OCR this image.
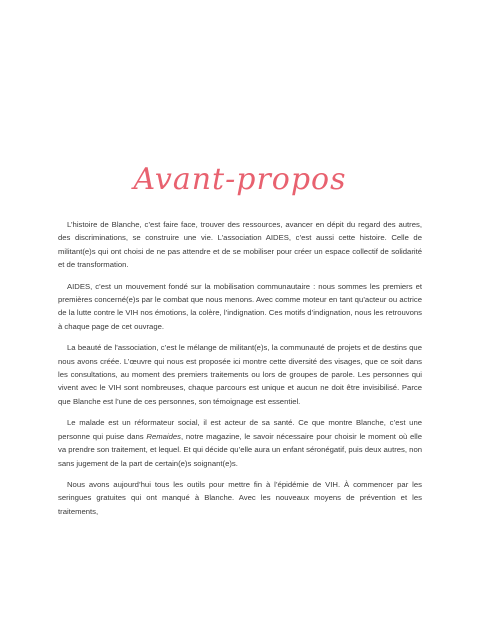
Avant-propos

L’histoire de Blanche, c’est faire face, trouver des ressources, avancer en dépit du regard des autres, des discriminations, se construire une vie. L’association AIDES, c’est aussi cette histoire. Celle de militant(e)s qui ont choisi de ne pas attendre et de se mobiliser pour créer un espace collectif de solidarité et de transformation.

AIDES, c’est un mouvement fondé sur la mobilisation communautaire : nous sommes les premiers et premières concerné(e)s par le combat que nous menons. Avec comme moteur en tant qu’acteur ou actrice de la lutte contre le VIH nos émotions, la colère, l’indignation. Ces motifs d’indignation, nous les retrouvons à chaque page de cet ouvrage.

La beauté de l’association, c’est le mélange de militant(e)s, la communauté de projets et de destins que nous avons créée. L’œuvre qui nous est proposée ici montre cette diversité des visages, que ce soit dans les consultations, au moment des premiers traitements ou lors de groupes de parole. Les personnes qui vivent avec le VIH sont nombreuses, chaque parcours est unique et aucun ne doit être invisibilisé. Parce que Blanche est l’une de ces personnes, son témoignage est essentiel.

Le malade est un réformateur social, il est acteur de sa santé. Ce que montre Blanche, c’est une personne qui puise dans Remaides, notre magazine, le savoir nécessaire pour choisir le moment où elle va prendre son traitement, et lequel. Et qui décide qu’elle aura un enfant séronégatif, puis deux autres, non sans jugement de la part de certain(e)s soignant(e)s.

Nous avons aujourd’hui tous les outils pour mettre fin à l’épidémie de VIH. À commencer par les seringues gratuites qui ont manqué à Blanche. Avec les nouveaux moyens de prévention et les traitements,
